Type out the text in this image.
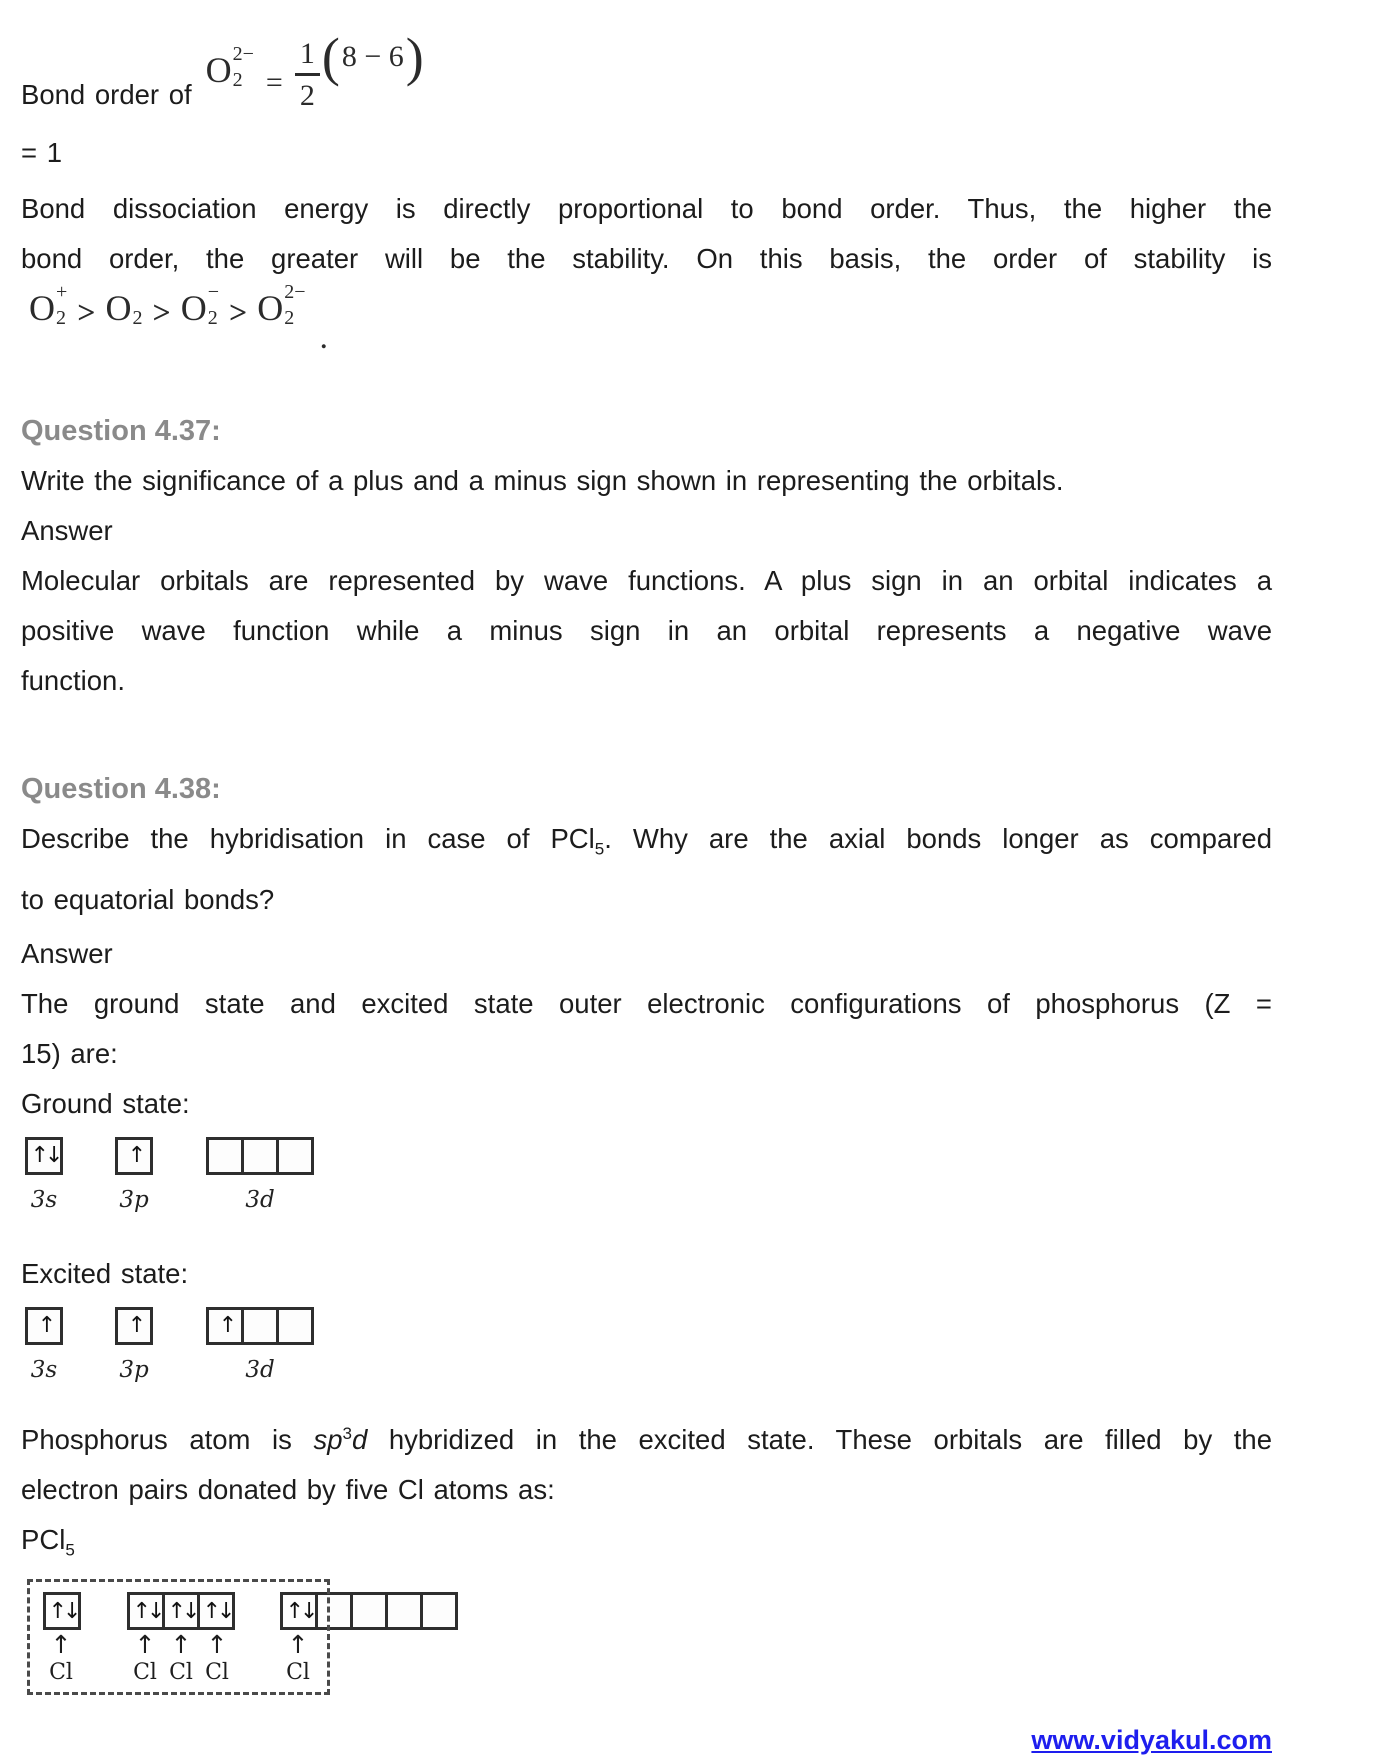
Bond order of
O 2−
$2 = \frac{1}{2}$ ( 8 − 6 )

= 1

Bond dissociation energy is directly proportional to bond order. Thus, the higher the
bond order, the greater will be the stability. On this basis, the order of stability is
O +
2 > O 2 > O −
2 > O 2−
2
.

Question 4.37:

Write the significance of a plus and a minus sign shown in representing the orbitals.

Answer

Molecular orbitals are represented by wave functions. A plus sign in an orbital indicates a
positive wave function while a minus sign in an orbital represents a negative wave
function.

Question 4.38:

Describe the hybridisation in case of PCl$_5$. Why are the axial bonds longer as compared
to equatorial bonds?

Answer

The ground state and excited state outer electronic configurations of phosphorus (Z =
15) are:

Ground state:

↑↓
3s
↑
3p	3d

Excited state:

↑
3s
↑
3p
↑
3d
Phosphorus atom is $sp^3d$ hybridized in the excited state. These orbitals are filled by the
electron pairs donated by five Cl atoms as:

PCl$_5$

↑↓
↑
Cl
↑↓ ↑↓ ↑↓
↑ ↑ ↑
Cl Cl Cl
↑↓
↑
Cl
www.vidyakul.com
